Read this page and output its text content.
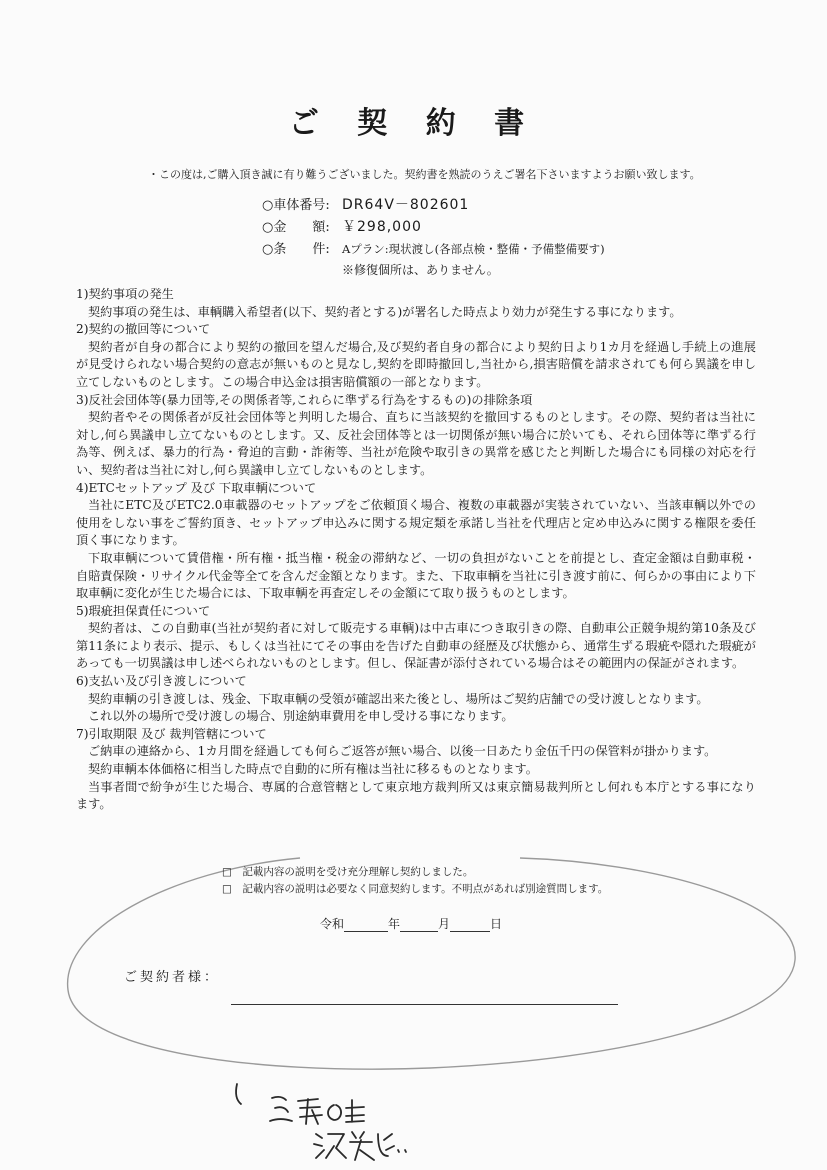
ご 契 約 書
・この度は,ご購入頂き誠に有り難うございました。契約書を熟読のうえご署名下さいますようお願い致します。
○車体番号: DR64V－802601
○金　　額: ￥298,000
○条　　件: Aプラン:現状渡し(各部点検・整備・予備整備要す)
※修復個所は、ありません。
1)契約事項の発生
契約事項の発生は、車輌購入希望者(以下、契約者とする)が署名した時点より効力が発生する事になります。
2)契約の撤回等について
契約者が自身の都合により契約の撤回を望んだ場合,及び契約者自身の都合により契約日より1カ月を経過し手続上の進展が見受けられない場合契約の意志が無いものと見なし,契約を即時撤回し,当社から,損害賠償を請求されても何ら異議を申し立てしないものとします。この場合申込金は損害賠償額の一部となります。
3)反社会団体等(暴力団等,その関係者等,これらに準ずる行為をするもの)の排除条項
契約者やその関係者が反社会団体等と判明した場合、直ちに当該契約を撤回するものとします。その際、契約者は当社に対し,何ら異議申し立てないものとします。又、反社会団体等とは一切関係が無い場合に於いても、それら団体等に準ずる行為等、例えば、暴力的行為・脅迫的言動・詐術等、当社が危険や取引きの異常を感じたと判断した場合にも同様の対応を行い、契約者は当社に対し,何ら異議申し立てしないものとします。
4)ETCセットアップ 及び 下取車輌について
当社にETC及びETC2.0車載器のセットアップをご依頼頂く場合、複数の車載器が実装されていない、当該車輌以外での使用をしない事をご誓約頂き、セットアップ申込みに関する規定類を承諾し当社を代理店と定め申込みに関する権限を委任頂く事になります。
下取車輌について賃借権・所有権・抵当権・税金の滞納など、一切の負担がないことを前提とし、査定金額は自動車税・自賠責保険・リサイクル代金等全てを含んだ金額となります。また、下取車輌を当社に引き渡す前に、何らかの事由により下取車輌に変化が生じた場合には、下取車輌を再査定しその金額にて取り扱うものとします。
5)瑕疵担保責任について
契約者は、この自動車(当社が契約者に対して販売する車輌)は中古車につき取引きの際、自動車公正競争規約第10条及び第11条により表示、提示、もしくは当社にてその事由を告げた自動車の経歴及び状態から、通常生ずる瑕疵や隠れた瑕疵があっても一切異議は申し述べられないものとします。但し、保証書が添付されている場合はその範囲内の保証がされます。
6)支払い及び引き渡しについて
契約車輌の引き渡しは、残金、下取車輌の受領が確認出来た後とし、場所はご契約店舗での受け渡しとなります。
これ以外の場所で受け渡しの場合、別途納車費用を申し受ける事になります。
7)引取期限 及び 裁判管轄について
ご納車の連絡から、1カ月間を経過しても何らご返答が無い場合、以後一日あたり金伍千円の保管料が掛かります。
契約車輌本体価格に相当した時点で自動的に所有権は当社に移るものとなります。
当事者間で紛争が生じた場合、専属的合意管轄として東京地方裁判所又は東京簡易裁判所とし何れも本庁とする事になります。
□　記載内容の説明を受け充分理解し契約しました。
□　記載内容の説明は必要なく同意契約します。不明点があれば別途質問します。
令和	年	月	日
ご契約者様：
